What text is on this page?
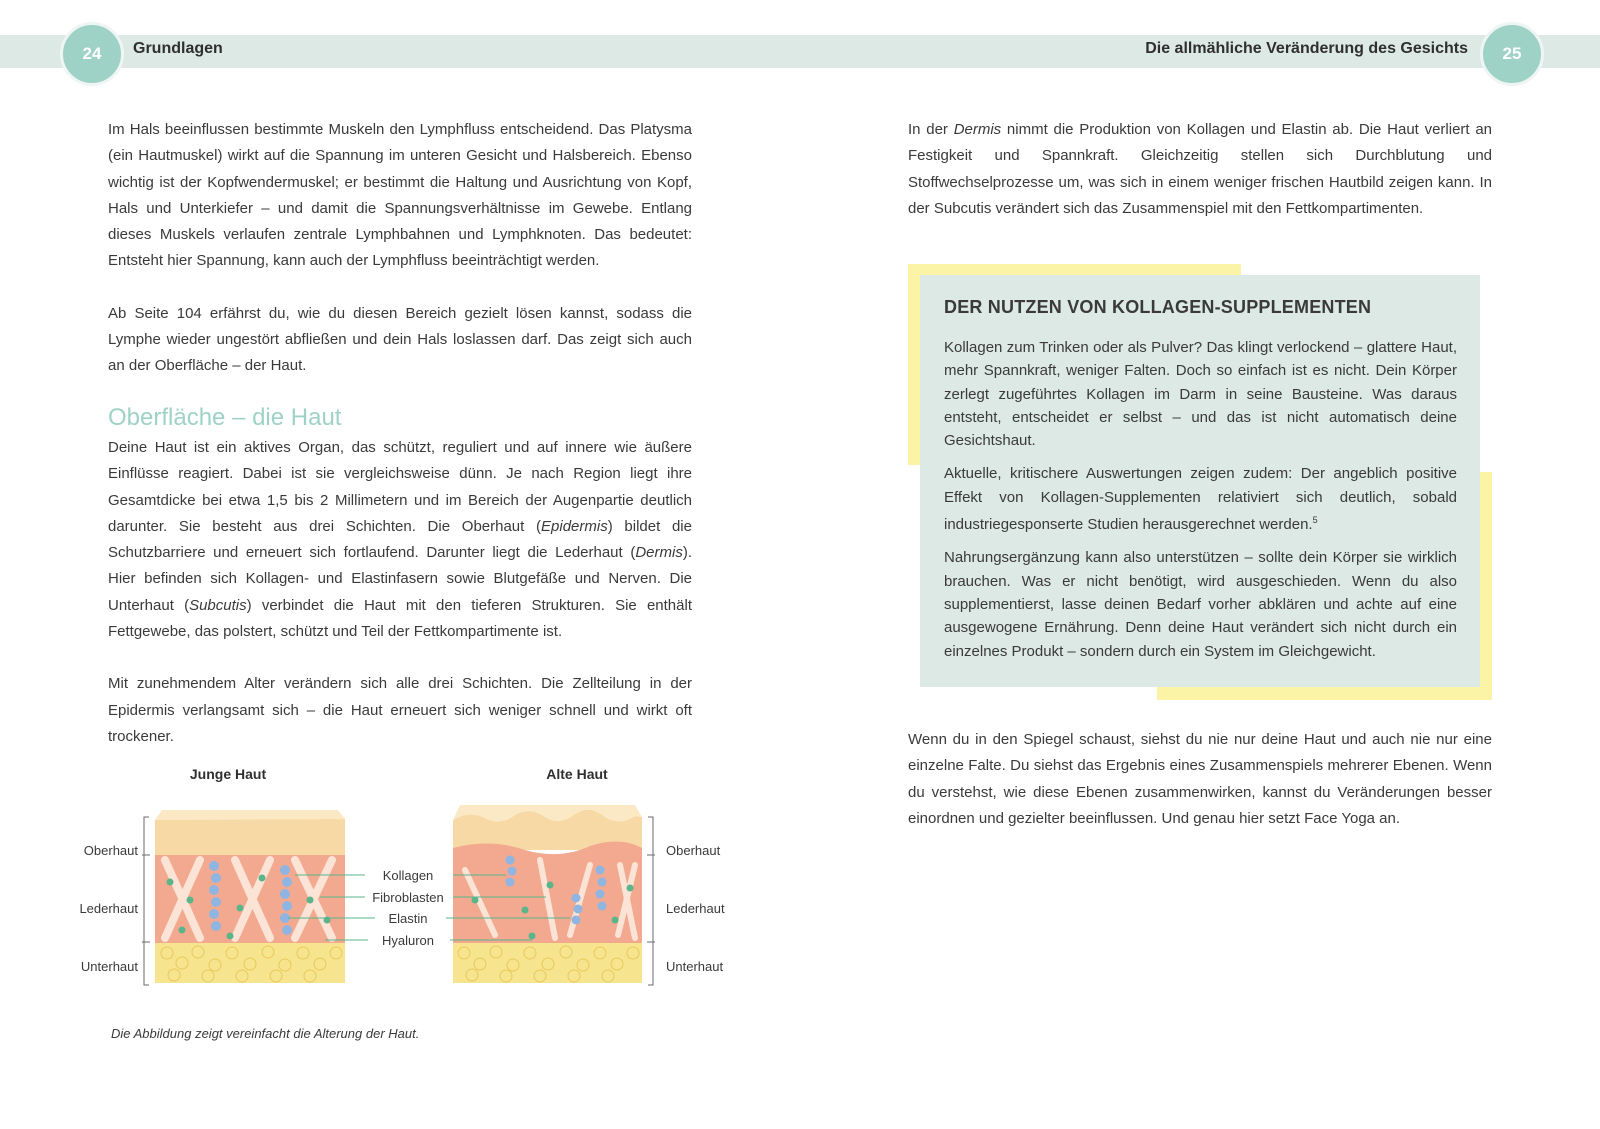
24	Grundlagen	Die allmähliche Veränderung des Gesichts	25

Im Hals beeinflussen bestimmte Muskeln den Lymphfluss entscheidend. Das Platysma (ein Hautmuskel) wirkt auf die Spannung im unteren Gesicht und Halsbereich. Ebenso wichtig ist der Kopfwendermuskel; er bestimmt die Haltung und Ausrichtung von Kopf, Hals und Unterkiefer – und damit die Spannungsverhältnisse im Gewebe. Entlang dieses Muskels verlaufen zentrale Lymphbahnen und Lymphknoten. Das bedeutet: Entsteht hier Spannung, kann auch der Lymphfluss beeinträchtigt werden.

Ab Seite 104 erfährst du, wie du diesen Bereich gezielt lösen kannst, sodass die Lymphe wieder ungestört abfließen und dein Hals loslassen darf. Das zeigt sich auch an der Oberfläche – der Haut.

Oberfläche – die Haut

Deine Haut ist ein aktives Organ, das schützt, reguliert und auf innere wie äußere Einflüsse reagiert. Dabei ist sie vergleichsweise dünn. Je nach Region liegt ihre Gesamtdicke bei etwa 1,5 bis 2 Millimetern und im Bereich der Augenpartie deutlich darunter. Sie besteht aus drei Schichten. Die Oberhaut (Epidermis) bildet die Schutzbarriere und erneuert sich fortlaufend. Darunter liegt die Lederhaut (Dermis). Hier befinden sich Kollagen- und Elastinfasern sowie Blutgefäße und Nerven. Die Unterhaut (Subcutis) verbindet die Haut mit den tieferen Strukturen. Sie enthält Fettgewebe, das polstert, schützt und Teil der Fettkompartimente ist.

Mit zunehmendem Alter verändern sich alle drei Schichten. Die Zellteilung in der Epidermis verlangsamt sich – die Haut erneuert sich weniger schnell und wirkt oft trockener.

Junge Haut	Alte Haut
Oberhaut
Lederhaut
Unterhaut
Oberhaut
Lederhaut
Unterhaut
Kollagen
Fibroblasten
Elastin
Hyaluron
Die Abbildung zeigt vereinfacht die Alterung der Haut.

In der Dermis nimmt die Produktion von Kollagen und Elastin ab. Die Haut verliert an Festigkeit und Spannkraft. Gleichzeitig stellen sich Durchblutung und Stoffwechselprozesse um, was sich in einem weniger frischen Hautbild zeigen kann. In der Subcutis verändert sich das Zusammenspiel mit den Fettkompartimenten.

DER NUTZEN VON KOLLAGEN-SUPPLEMENTEN

Kollagen zum Trinken oder als Pulver? Das klingt verlockend – glattere Haut, mehr Spannkraft, weniger Falten. Doch so einfach ist es nicht. Dein Körper zerlegt zugeführtes Kollagen im Darm in seine Bausteine. Was daraus entsteht, entscheidet er selbst – und das ist nicht automatisch deine Gesichtshaut.

Aktuelle, kritischere Auswertungen zeigen zudem: Der angeblich positive Effekt von Kollagen-Supplementen relativiert sich deutlich, sobald industriegesponserte Studien herausgerechnet werden.$^5$

Nahrungsergänzung kann also unterstützen – sollte dein Körper sie wirklich brauchen. Was er nicht benötigt, wird ausgeschieden. Wenn du also supplementierst, lasse deinen Bedarf vorher abklären und achte auf eine ausgewogene Ernährung. Denn deine Haut verändert sich nicht durch ein einzelnes Produkt – sondern durch ein System im Gleichgewicht.

Wenn du in den Spiegel schaust, siehst du nie nur deine Haut und auch nie nur eine einzelne Falte. Du siehst das Ergebnis eines Zusammenspiels mehrerer Ebenen. Wenn du verstehst, wie diese Ebenen zusammenwirken, kannst du Veränderungen besser einordnen und gezielter beeinflussen. Und genau hier setzt Face Yoga an.
